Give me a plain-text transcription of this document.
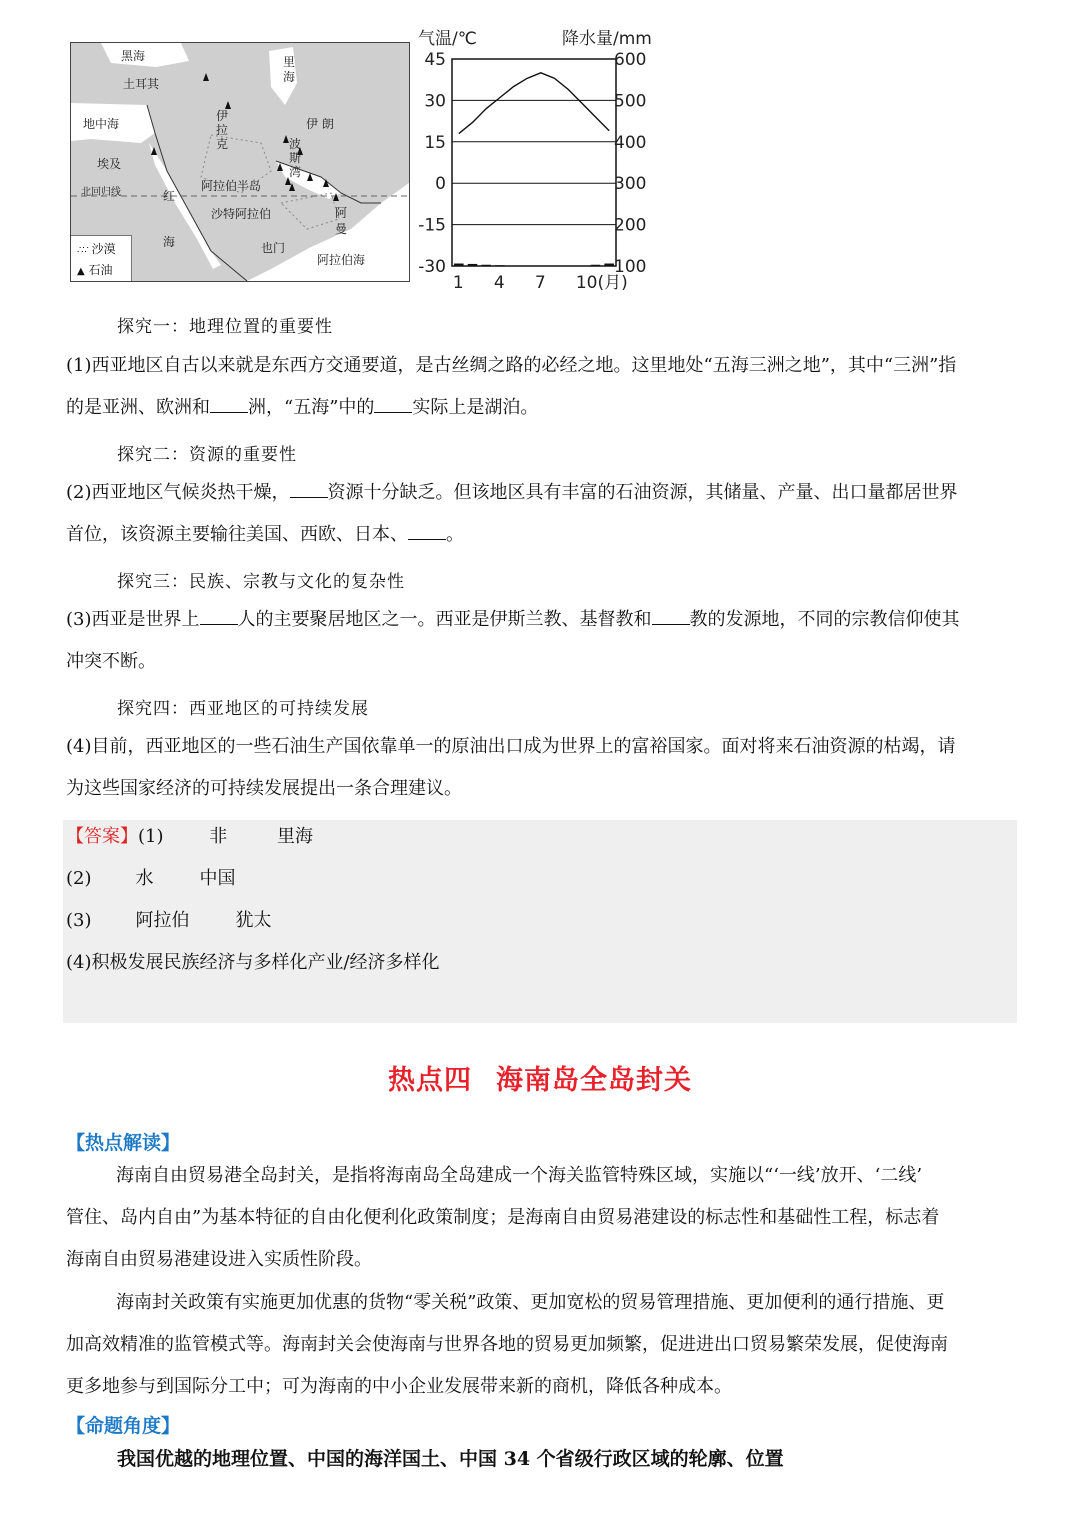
黑海	里
海
土耳其
地中海
伊
拉
克
伊 朗
埃及
波
斯
湾
阿拉伯半岛
北回归线	红
海
沙特阿拉伯	阿
曼
也门
阿拉伯海
∴∵ 沙漠
▲ 石油
气温/℃	降水量/mm
45	600
30	500
15	400
0	300
-15	200
-30	100
1 4 7 10(月)
探究一：地理位置的重要性
(1)西亚地区自古以来就是东西方交通要道，是古丝绸之路的必经之地。这里地处“五海三洲之地”，其中“三洲”指
的是亚洲、欧洲和 洲，“五海”中的 实际上是湖泊。
探究二：资源的重要性
(2)西亚地区气候炎热干燥， 资源十分缺乏。但该地区具有丰富的石油资源，其储量、产量、出口量都居世界
首位，该资源主要输往美国、西欧、日本、 。
探究三：民族、宗教与文化的复杂性
(3)西亚是世界上 人的主要聚居地区之一。西亚是伊斯兰教、基督教和 教的发源地，不同的宗教信仰使其
冲突不断。
探究四：西亚地区的可持续发展
(4)目前，西亚地区的一些石油生产国依靠单一的原油出口成为世界上的富裕国家。面对将来石油资源的枯竭，请
为这些国家经济的可持续发展提出一条合理建议。
【答案】(1)	非	里海
(2) 水	中国
(3) 阿拉伯	犹太
(4)积极发展民族经济与多样化产业/经济多样化
热点四 海南岛全岛封关
【热点解读】
海南自由贸易港全岛封关，是指将海南岛全岛建成一个海关监管特殊区域，实施以“‘一线’放开、‘二线’
管住、岛内自由”为基本特征的自由化便利化政策制度；是海南自由贸易港建设的标志性和基础性工程，标志着
海南自由贸易港建设进入实质性阶段。
海南封关政策有实施更加优惠的货物“零关税”政策、更加宽松的贸易管理措施、更加便利的通行措施、更
加高效精准的监管模式等。海南封关会使海南与世界各地的贸易更加频繁，促进进出口贸易繁荣发展，促使海南
更多地参与到国际分工中；可为海南的中小企业发展带来新的商机，降低各种成本。
【命题角度】
我国优越的地理位置、中国的海洋国土、中国 34 个省级行政区域的轮廓、位置
